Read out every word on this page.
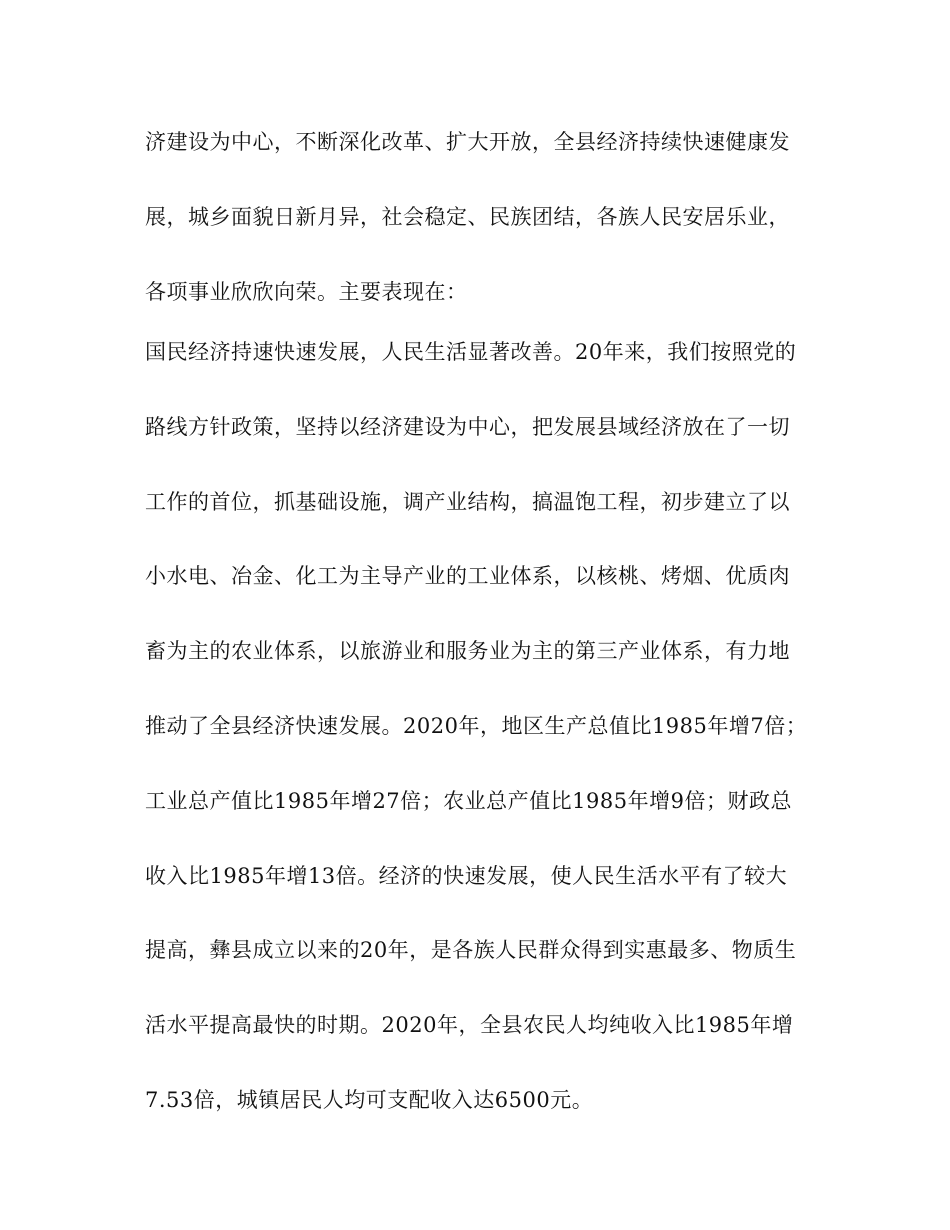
济建设为中心，不断深化改革、扩大开放，全县经济持续快速健康发
展，城乡面貌日新月异，社会稳定、民族团结，各族人民安居乐业，
各项事业欣欣向荣。主要表现在：
国民经济持速快速发展，人民生活显著改善。20年来，我们按照党的
路线方针政策，坚持以经济建设为中心，把发展县域经济放在了一切
工作的首位，抓基础设施，调产业结构，搞温饱工程，初步建立了以
小水电、冶金、化工为主导产业的工业体系，以核桃、烤烟、优质肉
畜为主的农业体系，以旅游业和服务业为主的第三产业体系，有力地
推动了全县经济快速发展。2020年，地区生产总值比1985年增7倍；
工业总产值比1985年增27倍；农业总产值比1985年增9倍；财政总
收入比1985年增13倍。经济的快速发展，使人民生活水平有了较大
提高，彝县成立以来的20年，是各族人民群众得到实惠最多、物质生
活水平提高最快的时期。2020年，全县农民人均纯收入比1985年增
7.53倍，城镇居民人均可支配收入达6500元。
